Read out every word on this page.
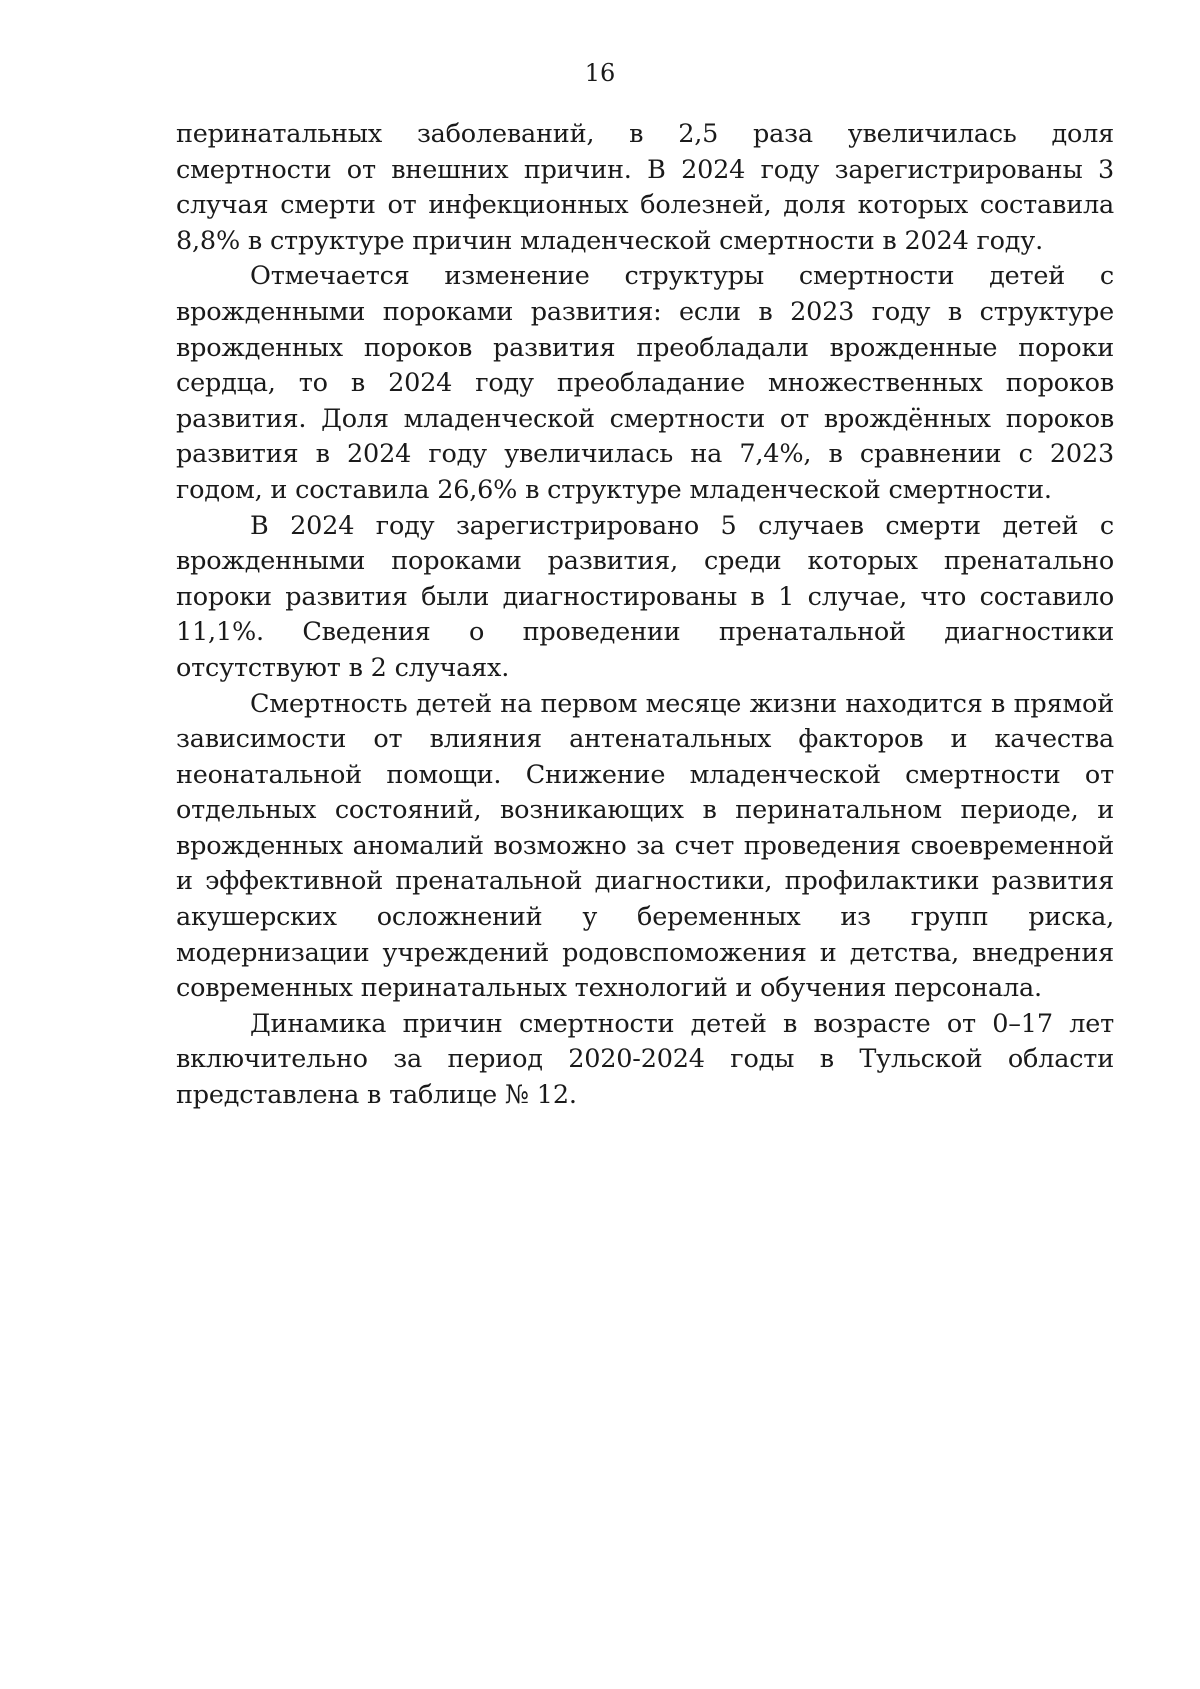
16

перинатальных заболеваний, в 2,5 раза увеличилась доля смертности от внешних причин. В 2024 году зарегистрированы 3 случая смерти от инфекционных болезней, доля которых составила 8,8% в структуре причин младенческой смертности в 2024 году.

Отмечается изменение структуры смертности детей с врожденными пороками развития: если в 2023 году в структуре врожденных пороков развития преобладали врожденные пороки сердца, то в 2024 году преобладание множественных пороков развития. Доля младенческой смертности от врождённых пороков развития в 2024 году увеличилась на 7,4%, в сравнении с 2023 годом, и составила 26,6% в структуре младенческой смертности.

В 2024 году зарегистрировано 5 случаев смерти детей с врожденными пороками развития, среди которых пренатально пороки развития были диагностированы в 1 случае, что составило 11,1%. Сведения о проведении пренатальной диагностики отсутствуют в 2 случаях.

Смертность детей на первом месяце жизни находится в прямой зависимости от влияния антенатальных факторов и качества неонатальной помощи. Снижение младенческой смертности от отдельных состояний, возникающих в перинатальном периоде, и врожденных аномалий возможно за счет проведения своевременной и эффективной пренатальной диагностики, профилактики развития акушерских осложнений у беременных из групп риска, модернизации учреждений родовспоможения и детства, внедрения современных перинатальных технологий и обучения персонала.

Динамика причин смертности детей в возрасте от 0–17 лет включительно за период 2020-2024 годы в Тульской области представлена в таблице № 12.
